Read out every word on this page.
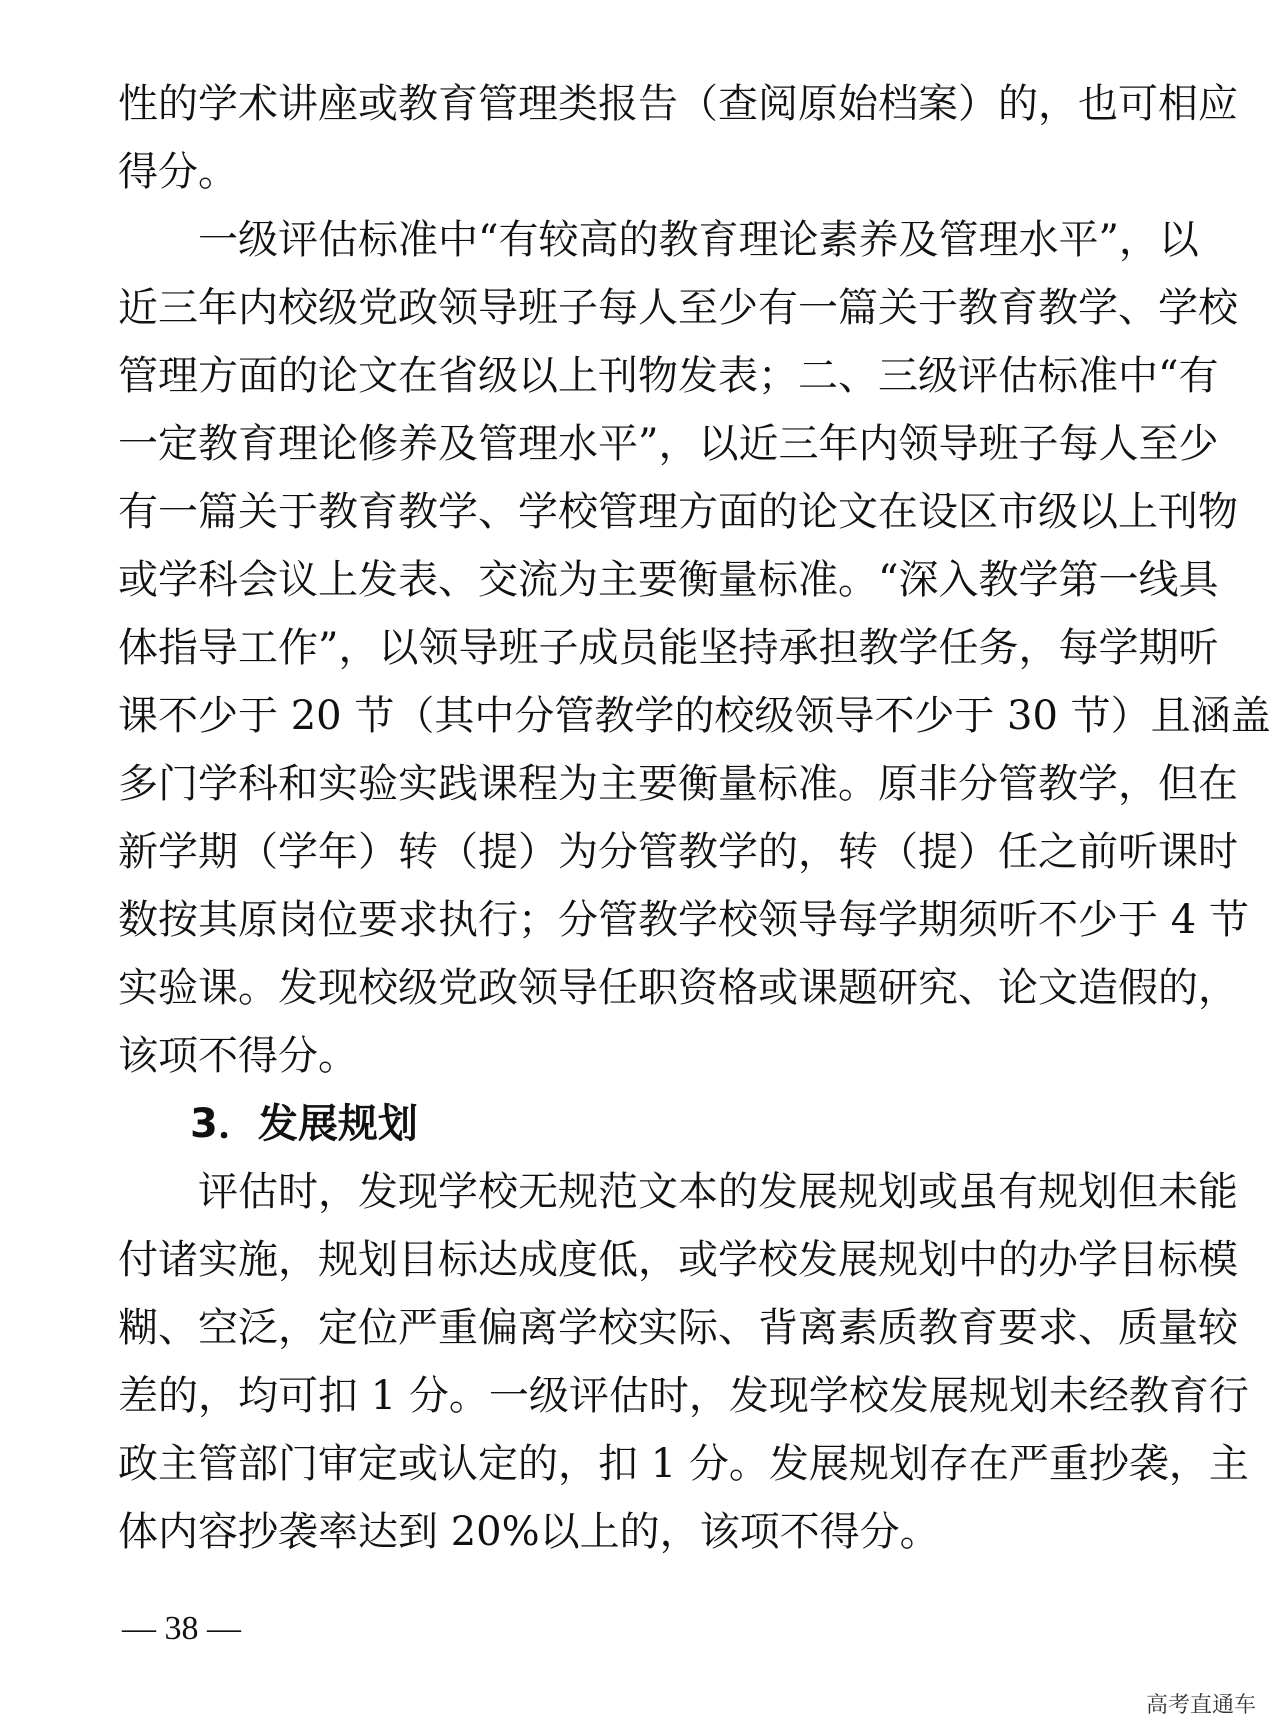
性的学术讲座或教育管理类报告（查阅原始档案）的，也可相应
得分。
一级评估标准中“有较高的教育理论素养及管理水平”，以
近三年内校级党政领导班子每人至少有一篇关于教育教学、学校
管理方面的论文在省级以上刊物发表；二、三级评估标准中“有
一定教育理论修养及管理水平”，以近三年内领导班子每人至少
有一篇关于教育教学、学校管理方面的论文在设区市级以上刊物
或学科会议上发表、交流为主要衡量标准。“深入教学第一线具
体指导工作”，以领导班子成员能坚持承担教学任务，每学期听
课不少于 20 节（其中分管教学的校级领导不少于 30 节）且涵盖
多门学科和实验实践课程为主要衡量标准。原非分管教学，但在
新学期（学年）转（提）为分管教学的，转（提）任之前听课时
数按其原岗位要求执行；分管教学校领导每学期须听不少于 4 节
实验课。发现校级党政领导任职资格或课题研究、论文造假的，
该项不得分。
3．发展规划
评估时，发现学校无规范文本的发展规划或虽有规划但未能
付诸实施，规划目标达成度低，或学校发展规划中的办学目标模
糊、空泛，定位严重偏离学校实际、背离素质教育要求、质量较
差的，均可扣 1 分。一级评估时，发现学校发展规划未经教育行
政主管部门审定或认定的，扣 1 分。发展规划存在严重抄袭，主
体内容抄袭率达到 20%以上的，该项不得分。
— 38 —
高考直通车
